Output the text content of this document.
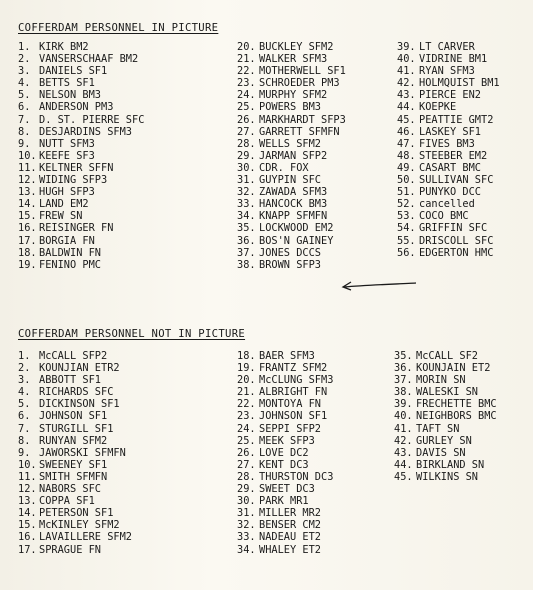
COFFERDAM PERSONNEL IN PICTURE
1. KIRK BM2
2. VANSERSCHAAF BM2
3. DANIELS SF1
4. BETTS SF1
5. NELSON BM3
6. ANDERSON PM3
7. D. ST. PIERRE SFC
8. DESJARDINS SFM3
9. NUTT SFM3
10. KEEFE SF3
11. KELTNER SFFN
12. WIDING SFP3
13. HUGH SFP3
14. LAND EM2
15. FREW SN
16. REISINGER FN
17. BORGIA FN
18. BALDWIN FN
19. FENINO PMC
20. BUCKLEY SFM2
21. WALKER SFM3
22. MOTHERWELL SF1
23. SCHROEDER PM3
24. MURPHY SFM2
25. POWERS BM3
26. MARKHARDT SFP3
27. GARRETT SFMFN
28. WELLS SFM2
29. JARMAN SFP2
30. CDR. FOX
31. GUYPIN SFC
32. ZAWADA SFM3
33. HANCOCK BM3
34. KNAPP SFMFN
35. LOCKWOOD EM2
36. BOS'N GAINEY
37. JONES DCCS
38. BROWN SFP3
39. LT CARVER
40. VIDRINE BM1
41. RYAN SFM3
42. HOLMQUIST BM1
43. PIERCE EN2
44. KOEPKE
45. PEATTIE GMT2
46. LASKEY SF1
47. FIVES BM3
48. STEEBER EM2
49. CASART BMC
50. SULLIVAN SFC
51. PUNYKO DCC
52. cancelled
53. COCO BMC
54. GRIFFIN SFC
55. DRISCOLL SFC
56. EDGERTON HMC
COFFERDAM PERSONNEL NOT IN PICTURE
1. McCALL SFP2
2. KOUNJIAN ETR2
3. ABBOTT SF1
4. RICHARDS SFC
5. DICKINSON SF1
6. JOHNSON SF1
7. STURGILL SF1
8. RUNYAN SFM2
9. JAWORSKI SFMFN
10. SWEENEY SF1
11. SMITH SFMFN
12. NABORS SFC
13. COPPA SF1
14. PETERSON SF1
15. McKINLEY SFM2
16. LAVAILLERE SFM2
17. SPRAGUE FN
18. BAER SFM3
19. FRANTZ SFM2
20. McCLUNG SFM3
21. ALBRIGHT FN
22. MONTOYA FN
23. JOHNSON SF1
24. SEPPI SFP2
25. MEEK SFP3
26. LOVE DC2
27. KENT DC3
28. THURSTON DC3
29. SWEET DC3
30. PARK MR1
31. MILLER MR2
32. BENSER CM2
33. NADEAU ET2
34. WHALEY ET2
35. McCALL SF2
36. KOUNJAIN ET2
37. MORIN SN
38. WALESKI SN
39. FRECHETTE BMC
40. NEIGHBORS BMC
41. TAFT SN
42. GURLEY SN
43. DAVIS SN
44. BIRKLAND SN
45. WILKINS SN
